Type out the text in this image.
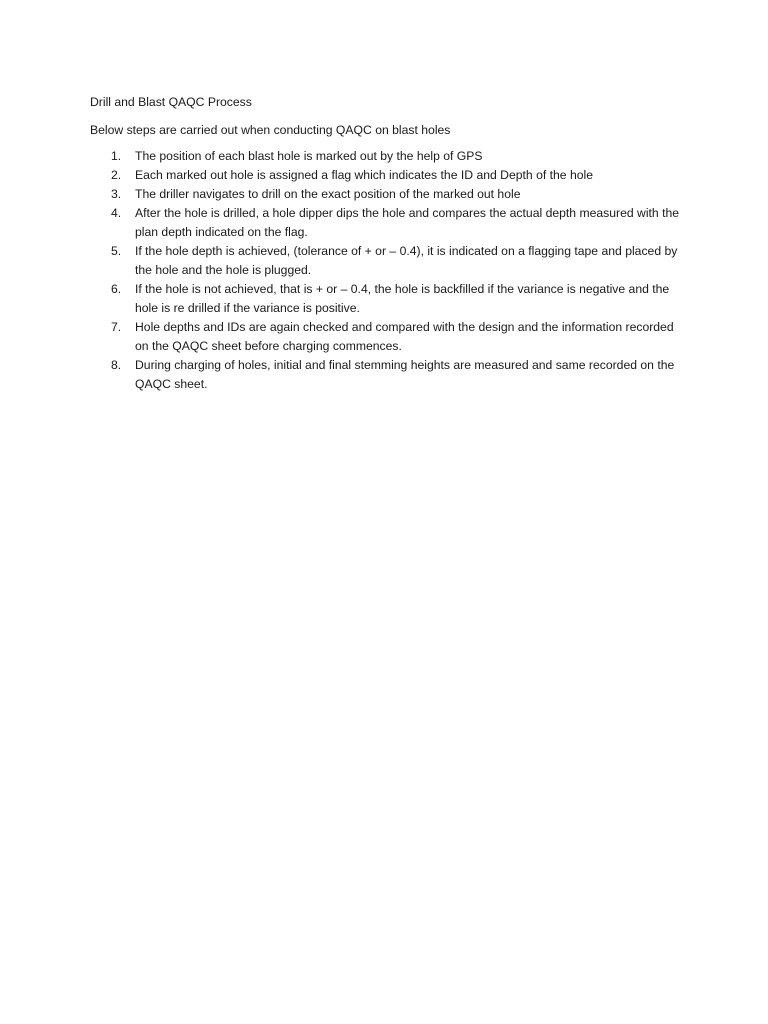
Drill and Blast QAQC Process

Below steps are carried out when conducting QAQC on blast holes

1. The position of each blast hole is marked out by the help of GPS
2. Each marked out hole is assigned a flag which indicates the ID and Depth of the hole
3. The driller navigates to drill on the exact position of the marked out hole
4. After the hole is drilled, a hole dipper dips the hole and compares the actual depth measured with the plan depth indicated on the flag.
5. If the hole depth is achieved, (tolerance of + or – 0.4), it is indicated on a flagging tape and placed by the hole and the hole is plugged.
6. If the hole is not achieved, that is + or – 0.4, the hole is backfilled if the variance is negative and the hole is re drilled if the variance is positive.
7. Hole depths and IDs are again checked and compared with the design and the information recorded on the QAQC sheet before charging commences.
8. During charging of holes, initial and final stemming heights are measured and same recorded on the QAQC sheet.
